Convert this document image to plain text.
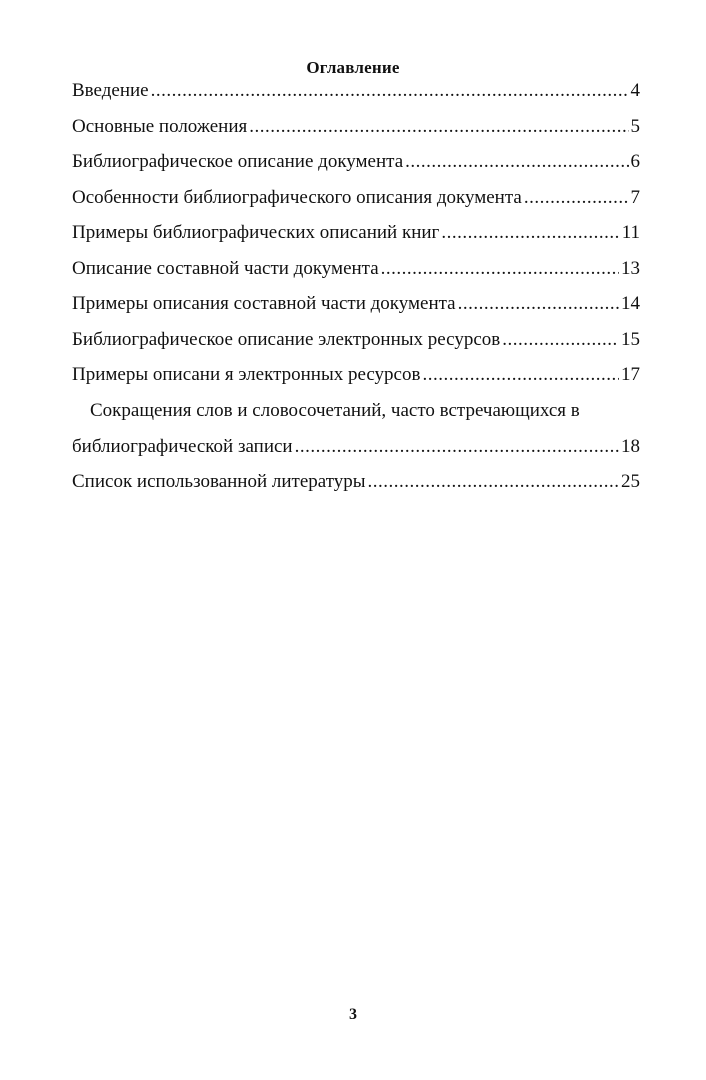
Оглавление
Введение .....	4
Основные положения .....	5
Библиографическое описание документа .....	6
Особенности библиографического описания документа .....	7
Примеры библиографических описаний книг .....	11
Описание составной части документа .....	13
Примеры описания составной части документа .....	14
Библиографическое описание электронных ресурсов .....	15
Примеры описани я электронных ресурсов .....	17
Сокращения слов и словосочетаний, часто встречающихся в
библиографической записи .....	18
Список использованной литературы .....	25
3
